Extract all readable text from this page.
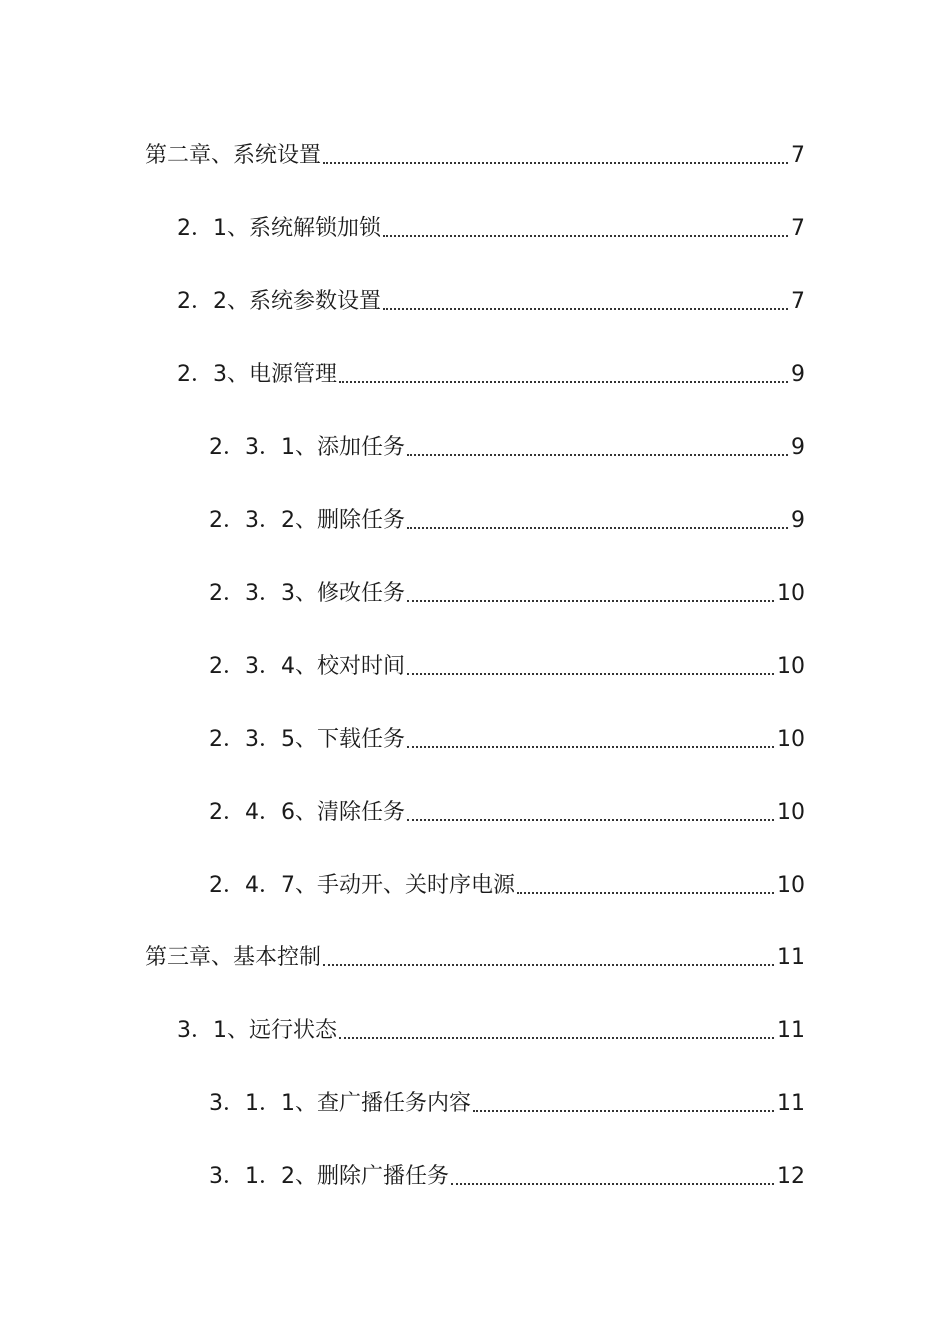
第二章、系统设置	7
2．1、系统解锁加锁	7
2．2、系统参数设置	7
2．3、电源管理	9
2．3．1、添加任务	9
2．3．2、删除任务	9
2．3．3、修改任务	10
2．3．4、校对时间	10
2．3．5、下载任务	10
2．4．6、清除任务	10
2．4．7、手动开、关时序电源	10
第三章、基本控制	11
3．1、远行状态	11
3．1．1、查广播任务内容	11
3．1．2、删除广播任务	12
